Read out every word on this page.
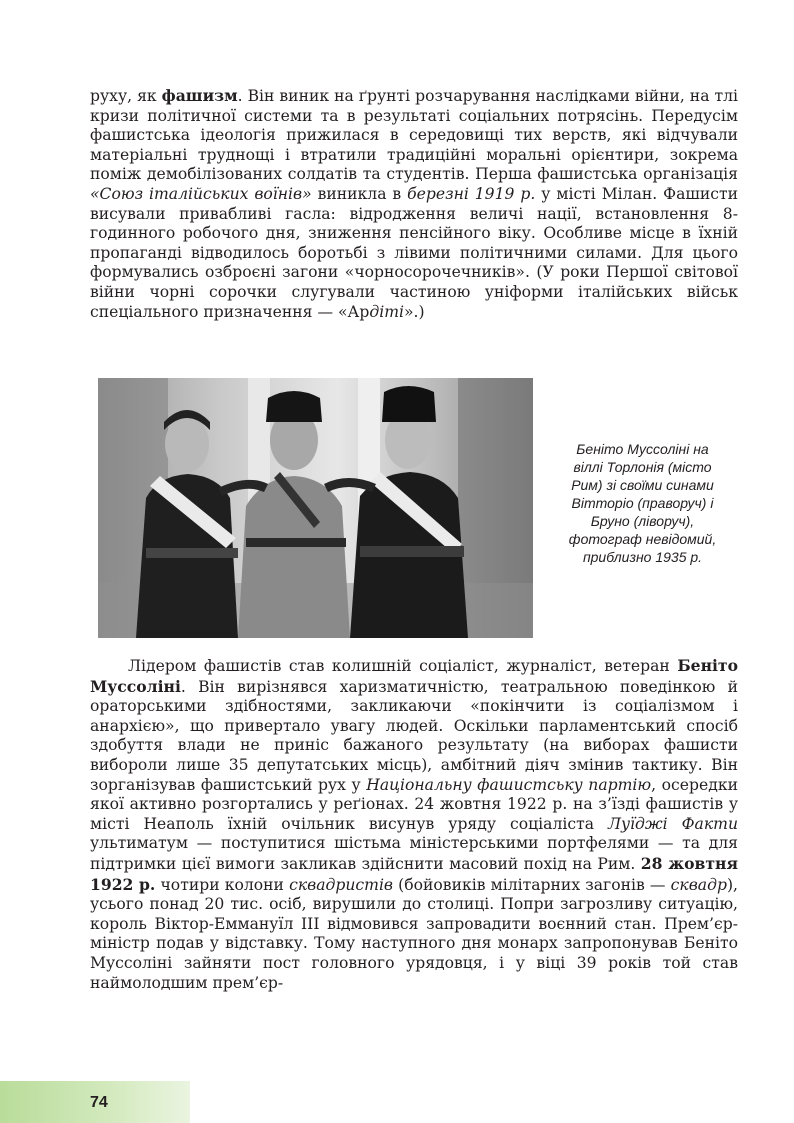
руху, як фашизм. Він виник на ґрунті розчарування наслідками війни, на тлі кризи політичної системи та в результаті соціальних потрясінь. Передусім фашистська ідеологія прижилася в середовищі тих верств, які відчували матеріальні труднощі і втратили традиційні моральні орієнтири, зокрема поміж демобілізованих солдатів та студентів. Перша фашистська організація «Союз італійських воїнів» виникла в березні 1919 р. у місті Мілан. Фашисти висували привабливі гасла: відродження величі нації, встановлення 8-годинного робочого дня, зниження пенсійного віку. Особливе місце в їхній пропаганді відводилось боротьбі з лівими політичними силами. Для цього формувались озброєні загони «чорносорочечників». (У роки Першої світової війни чорні сорочки слугували частиною уніформи італійських військ спеціального призначення — «Ардіті».)

Беніто Муссоліні на
віллі Торлонія (місто
Рим) зі своїми синами
Вітторіо (праворуч) і
Бруно (ліворуч),
фотограф невідомий,
приблизно 1935 р.

Лідером фашистів став колишній соціаліст, журналіст, ветеран Беніто Муссоліні. Він вирізнявся харизматичністю, театральною поведінкою й ораторськими здібностями, закликаючи «покінчити із соціалізмом і анархією», що привертало увагу людей. Оскільки парламентський спосіб здобуття влади не приніс бажаного результату (на виборах фашисти вибороли лише 35 депутатських місць), амбітний діяч змінив тактику. Він зорганізував фашистський рух у Національну фашистську партію, осередки якої активно розгортались у реґіонах. 24 жовтня 1922 р. на з’їзді фашистів у місті Неаполь їхній очільник висунув уряду соціаліста Луїджі Факти ультиматум — поступитися шістьма міністерськими портфелями — та для підтримки цієї вимоги закликав здійснити масовий похід на Рим. 28 жовтня 1922 р. чотири колони сквадристів (бойовиків мілітарних загонів — сквадр), усього понад 20 тис. осіб, вирушили до столиці. Попри загрозливу ситуацію, король Віктор-Еммануїл III відмовився запровадити воєнний стан. Прем’єр-міністр подав у відставку. Тому наступного дня монарх запропонував Беніто Муссоліні зайняти пост головного урядовця, і у віці 39 років той став наймолодшим прем’єр-

74
